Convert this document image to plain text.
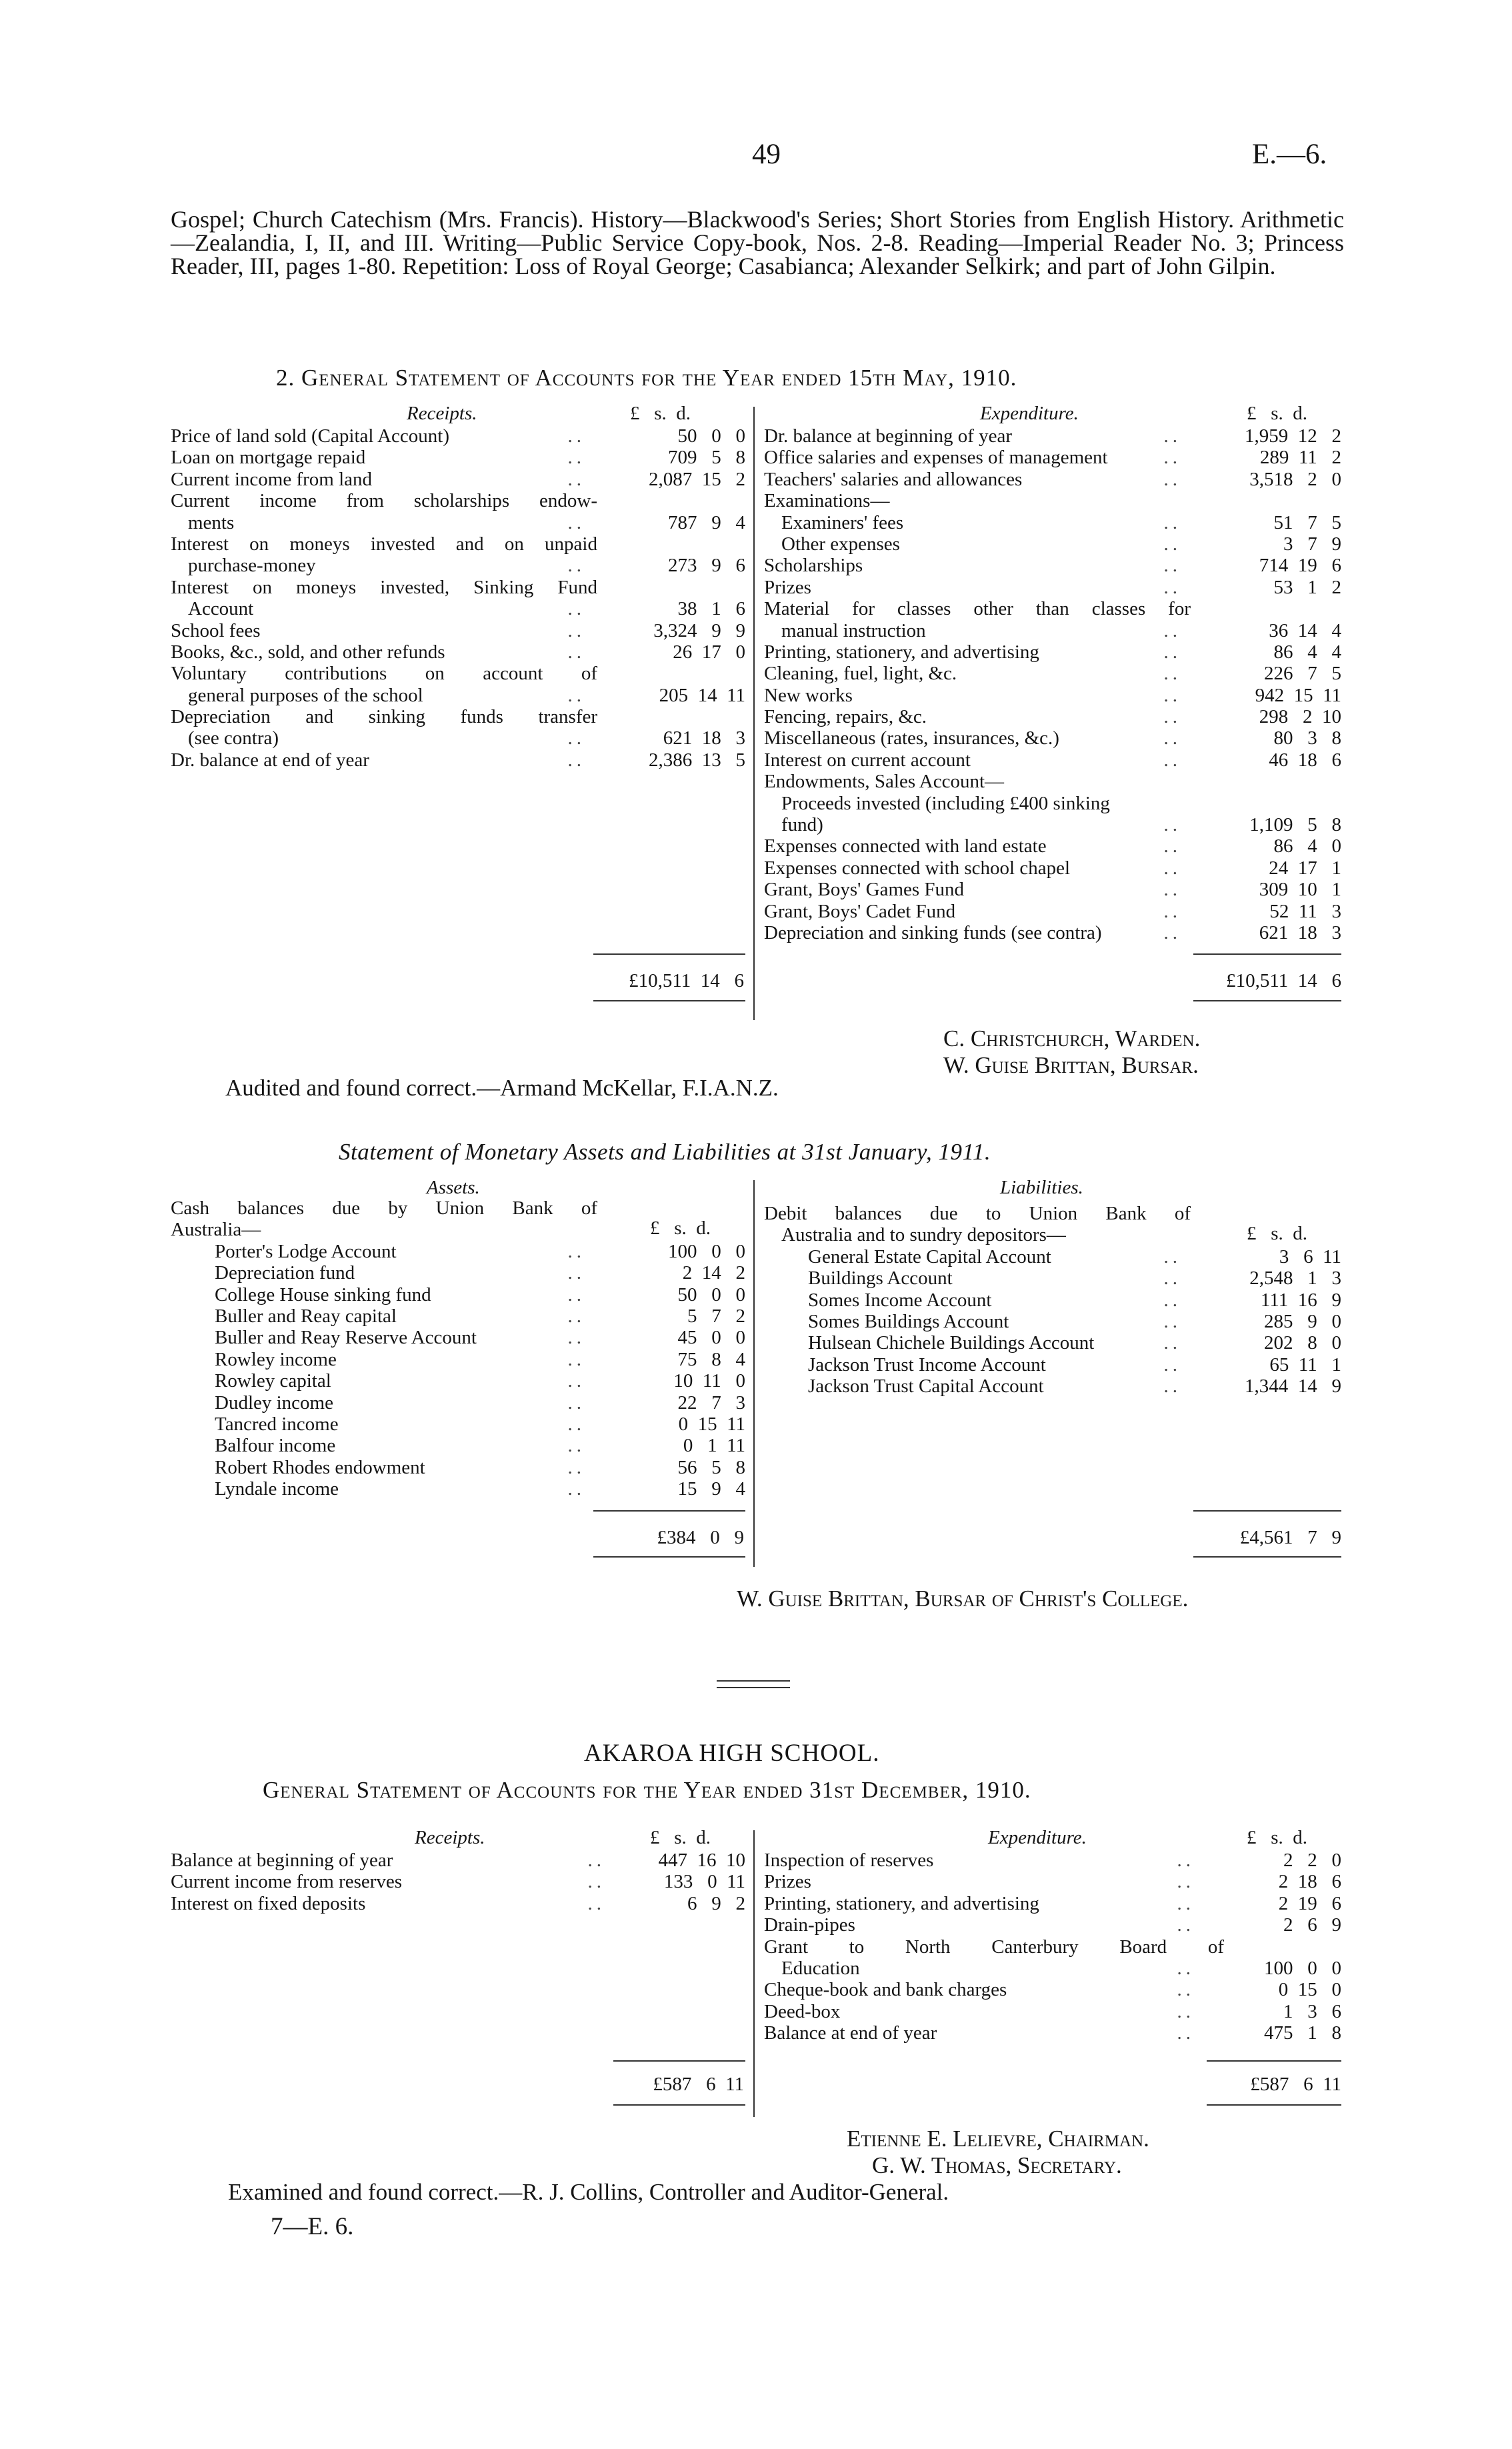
49	E.—6.
Gospel; Church Catechism (Mrs. Francis). History—Blackwood's Series; Short Stories from English History. Arithmetic—Zealandia, I, II, and III. Writing—Public Service Copy-book, Nos. 2-8. Reading—Imperial Reader No. 3; Princess Reader, III, pages 1-80. Repetition: Loss of Royal George; Casabianca; Alexander Selkirk; and part of John Gilpin.
2. General Statement of Accounts for the Year ended 15th May, 1910.
Receipts.	£   s.  d.	Expenditure.	£   s.  d.
Price of land sold (Capital Account)	..	50   0   0
Loan on mortgage repaid	..	709   5   8
Current income from land	..	2,087  15   2
Current income from scholarships endow-
ments	..	787   9   4
Interest on moneys invested and on unpaid
purchase-money	..	273   9   6
Interest on moneys invested, Sinking Fund
Account	..	38   1   6
School fees	..	3,324   9   9
Books, &c., sold, and other refunds	..	26  17   0
Voluntary contributions on account of
general purposes of the school	..	205  14  11
Depreciation and sinking funds transfer
(see contra)	..	621  18   3
Dr. balance at end of year	..	2,386  13   5
Dr. balance at beginning of year	..	1,959  12   2
Office salaries and expenses of management	..	289  11   2
Teachers' salaries and allowances	..	3,518   2   0
Examinations—
Examiners' fees	..	51   7   5
Other expenses	..	3   7   9
Scholarships	..	714  19   6
Prizes	..	53   1   2
Material for classes other than classes for
manual instruction	..	36  14   4
Printing, stationery, and advertising	..	86   4   4
Cleaning, fuel, light, &c.	..	226   7   5
New works	..	942  15  11
Fencing, repairs, &c.	..	298   2  10
Miscellaneous (rates, insurances, &c.)	..	80   3   8
Interest on current account	..	46  18   6
Endowments, Sales Account—
Proceeds invested (including £400 sinking
fund)	..	1,109   5   8
Expenses connected with land estate	..	86   4   0
Expenses connected with school chapel	..	24  17   1
Grant, Boys' Games Fund	..	309  10   1
Grant, Boys' Cadet Fund	..	52  11   3
Depreciation and sinking funds (see contra)	..	621  18   3
£10,511  14   6	£10,511  14   6
C. Christchurch, Warden.
W. Guise Brittan, Bursar.
Audited and found correct.—Armand McKellar, F.I.A.N.Z.
Statement of Monetary Assets and Liabilities at 31st January, 1911.
Assets.	Liabilities.
£   s.  d.	£   s.  d.
Cash balances due by Union Bank of
Australia—
Porter's Lodge Account	..	100   0   0
Depreciation fund	..	2  14   2
College House sinking fund	..	50   0   0
Buller and Reay capital	..	5   7   2
Buller and Reay Reserve Account	..	45   0   0
Rowley income	..	75   8   4
Rowley capital	..	10  11   0
Dudley income	..	22   7   3
Tancred income	..	0  15  11
Balfour income	..	0   1  11
Robert Rhodes endowment	..	56   5   8
Lyndale income	..	15   9   4
Debit balances due to Union Bank of
Australia and to sundry depositors—
General Estate Capital Account	..	3   6  11
Buildings Account	..	2,548   1   3
Somes Income Account	..	111  16   9
Somes Buildings Account	..	285   9   0
Hulsean Chichele Buildings Account	..	202   8   0
Jackson Trust Income Account	..	65  11   1
Jackson Trust Capital Account	..	1,344  14   9
£384   0   9	£4,561   7   9
W. Guise Brittan, Bursar of Christ's College.
AKAROA HIGH SCHOOL.
General Statement of Accounts for the Year ended 31st December, 1910.
Receipts.	£   s.  d.	Expenditure.	£   s.  d.
Balance at beginning of year	..	447  16  10
Current income from reserves	..	133   0  11
Interest on fixed deposits	..	6   9   2
Inspection of reserves	..	2   2   0
Prizes	..	2  18   6
Printing, stationery, and advertising	..	2  19   6
Drain-pipes	..	2   6   9
Grant to North Canterbury Board of
Education	..	100   0   0
Cheque-book and bank charges	..	0  15   0
Deed-box	..	1   3   6
Balance at end of year	..	475   1   8
£587   6  11	£587   6  11
Etienne E. Lelievre, Chairman.
G. W. Thomas, Secretary.
Examined and found correct.—R. J. Collins, Controller and Auditor-General.
7—E. 6.
